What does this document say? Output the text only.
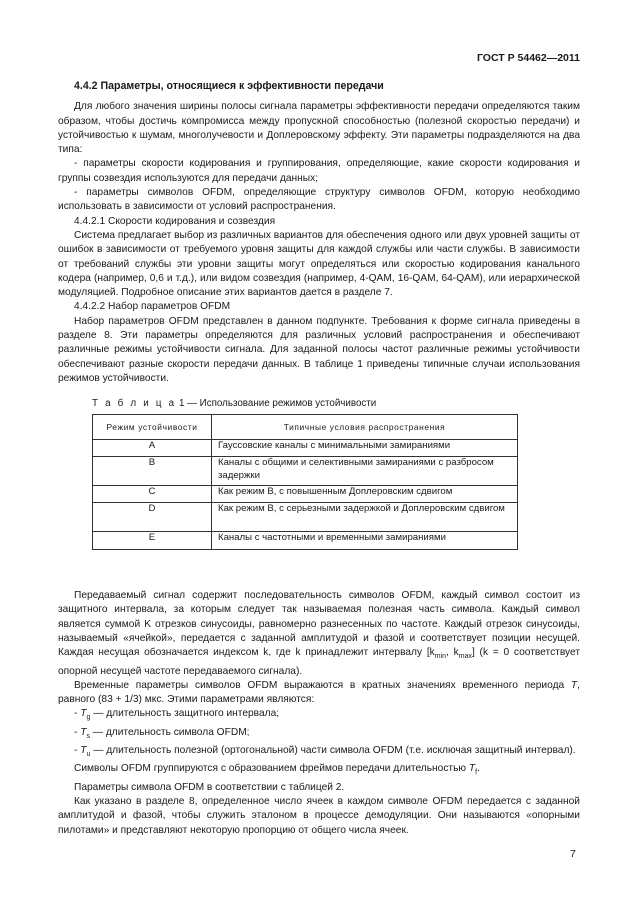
ГОСТ Р 54462—2011

4.4.2 Параметры, относящиеся к эффективности передачи

Для любого значения ширины полосы сигнала параметры эффективности передачи определяются таким образом, чтобы достичь компромисса между пропускной способностью (полезной скоростью передачи) и устойчивостью к шумам, многолучевости и Доплеровскому эффекту. Эти параметры подразделяются на два типа:

- параметры скорости кодирования и группирования, определяющие, какие скорости кодирования и группы созвездия используются для передачи данных;

- параметры символов OFDM, определяющие структуру символов OFDM, которую необходимо использовать в зависимости от условий распространения.

4.4.2.1 Скорости кодирования и созвездия

Система предлагает выбор из различных вариантов для обеспечения одного или двух уровней защиты от ошибок в зависимости от требуемого уровня защиты для каждой службы или части службы. В зависимости от требований службы эти уровни защиты могут определяться или скоростью кодирования канального кодера (например, 0,6 и т.д.), или видом созвездия (например, 4-QAM, 16-QAM, 64-QAM), или иерархической модуляцией. Подробное описание этих вариантов дается в разделе 7.

4.4.2.2 Набор параметров OFDM

Набор параметров OFDM представлен в данном подпункте. Требования к форме сигнала приведены в разделе 8. Эти параметры определяются для различных условий распространения и обеспечивают различные режимы устойчивости сигнала. Для заданной полосы частот различные режимы устойчивости обеспечивают разные скорости передачи данных. В таблице 1 приведены типичные случаи использования режимов устойчивости.

Т а б л и ц а 1 — Использование режимов устойчивости
Режим устойчивости	Типичные условия распространения
A	Гауссовские каналы с минимальными замираниями
B	Каналы с общими и селективными замираниями с разбросом задержки
C	Как режим B, с повышенным Доплеровским сдвигом
D	Как режим B, с серьезными задержкой и Доплеровским сдвигом
E	Каналы с частотными и временными замираниями

Передаваемый сигнал содержит последовательность символов OFDM, каждый символ состоит из защитного интервала, за которым следует так называемая полезная часть символа. Каждый символ является суммой K отрезков синусоиды, равномерно разнесенных по частоте. Каждый отрезок синусоиды, называемый «ячейкой», передается с заданной амплитудой и фазой и соответствует позиции несущей. Каждая несущая обозначается индексом k, где k принадлежит интервалу [$k_{min}$, $k_{max}$] (k = 0 соответствует опорной несущей частоте передаваемого сигнала).

Временные параметры символов OFDM выражаются в кратных значениях временного периода T, равного (83 + 1/3) мкс. Этими параметрами являются:

- $T_g$ — длительность защитного интервала;

- $T_s$ — длительность символа OFDM;

- $T_u$ — длительность полезной (ортогональной) части символа OFDM (т.е. исключая защитный интервал).

Символы OFDM группируются с образованием фреймов передачи длительностью $T_f$.

Параметры символа OFDM в соответствии с таблицей 2.

Как указано в разделе 8, определенное число ячеек в каждом символе OFDM передается с заданной амплитудой и фазой, чтобы служить эталоном в процессе демодуляции. Они называются «опорными пилотами» и представляют некоторую пропорцию от общего числа ячеек.

7
